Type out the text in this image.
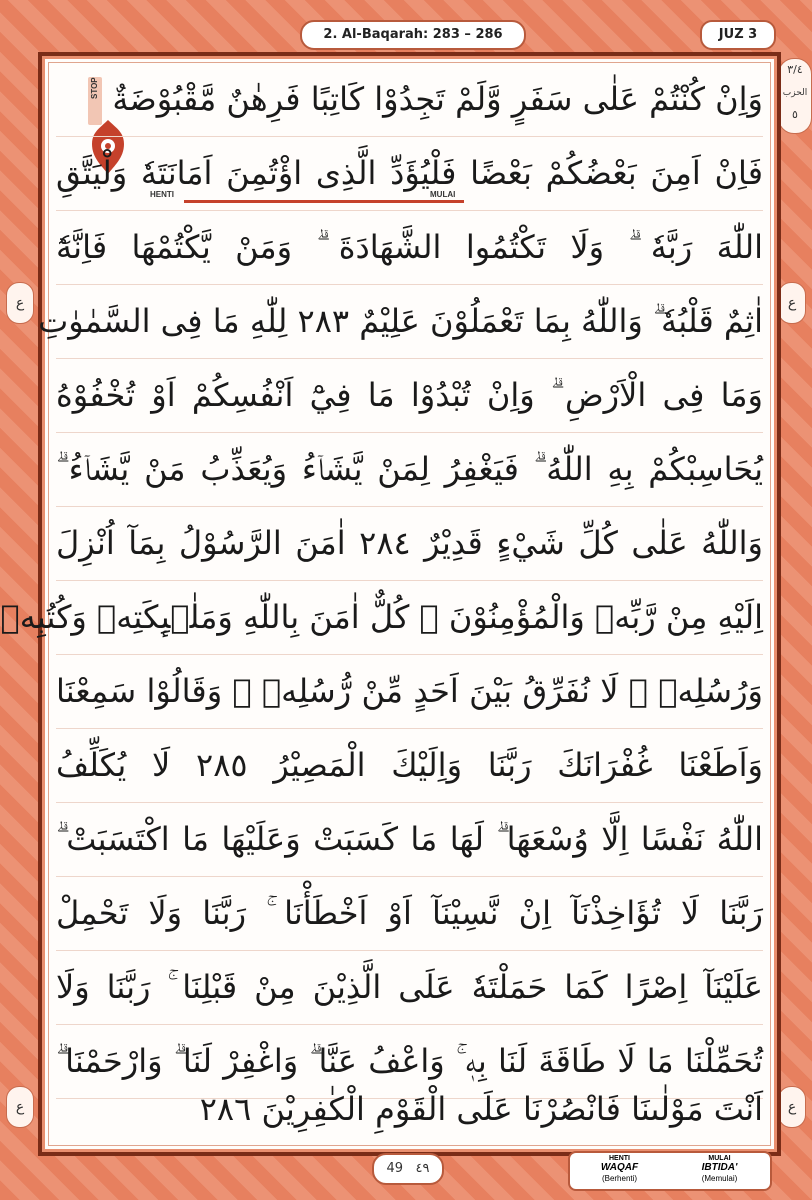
2. Al-Baqarah: 283 – 286	JUZ 3
٣/٤
الحزب
٥
ع
ع
ع
ع
وَاِنْ كُنْتُمْ عَلٰى سَفَرٍ وَّلَمْ تَجِدُوْا كَاتِبًا فَرِهٰنٌ مَّقْبُوْضَةٌ STOP
فَاِنْ اَمِنَ بَعْضُكُمْ بَعْضًا فَلْيُؤَدِّ الَّذِى اؤْتُمِنَ اَمَانَتَهٗ وَلْيَتَّقِ
HENTI	MULAI
اللّٰهَ رَبَّهٗ ۗ وَلَا تَكْتُمُوا الشَّهَادَةَ ۗ وَمَنْ يَّكْتُمْهَا فَاِنَّهٗٓ
اٰثِمٌ قَلْبُهٗ ۗ وَاللّٰهُ بِمَا تَعْمَلُوْنَ عَلِيْمٌ ٢٨٣ لِلّٰهِ مَا فِى السَّمٰوٰتِ
وَمَا فِى الْاَرْضِ ۗ وَاِنْ تُبْدُوْا مَا فِيْٓ اَنْفُسِكُمْ اَوْ تُخْفُوْهُ
يُحَاسِبْكُمْ بِهِ اللّٰهُ ۗ فَيَغْفِرُ لِمَنْ يَّشَاۤءُ وَيُعَذِّبُ مَنْ يَّشَاۤءُ ۗ
وَاللّٰهُ عَلٰى كُلِّ شَيْءٍ قَدِيْرٌ ٢٨٤ اٰمَنَ الرَّسُوْلُ بِمَآ اُنْزِلَ
اِلَيْهِ مِنْ رَّبِّهٖ وَالْمُؤْمِنُوْنَ ۗ كُلٌّ اٰمَنَ بِاللّٰهِ وَمَلٰۤىِٕكَتِهٖ وَكُتُبِهٖ
وَرُسُلِهٖ ۗ لَا نُفَرِّقُ بَيْنَ اَحَدٍ مِّنْ رُّسُلِهٖ ۗ وَقَالُوْا سَمِعْنَا
وَاَطَعْنَا غُفْرَانَكَ رَبَّنَا وَاِلَيْكَ الْمَصِيْرُ ٢٨٥ لَا يُكَلِّفُ
اللّٰهُ نَفْسًا اِلَّا وُسْعَهَا ۗ لَهَا مَا كَسَبَتْ وَعَلَيْهَا مَا اكْتَسَبَتْ ۗ
رَبَّنَا لَا تُؤَاخِذْنَآ اِنْ نَّسِيْنَآ اَوْ اَخْطَأْنَا ۚ رَبَّنَا وَلَا تَحْمِلْ
عَلَيْنَآ اِصْرًا كَمَا حَمَلْتَهٗ عَلَى الَّذِيْنَ مِنْ قَبْلِنَا ۚ رَبَّنَا وَلَا
تُحَمِّلْنَا مَا لَا طَاقَةَ لَنَا بِهٖ ۚ وَاعْفُ عَنَّا ۗ وَاغْفِرْ لَنَا ۗ وَارْحَمْنَا ۗ
اَنْتَ مَوْلٰىنَا فَانْصُرْنَا عَلَى الْقَوْمِ الْكٰفِرِيْنَ ٢٨٦
49 ٤٩
HENTI
WAQAF
(Berhenti)
MULAI
IBTIDA'
(Memulai)
